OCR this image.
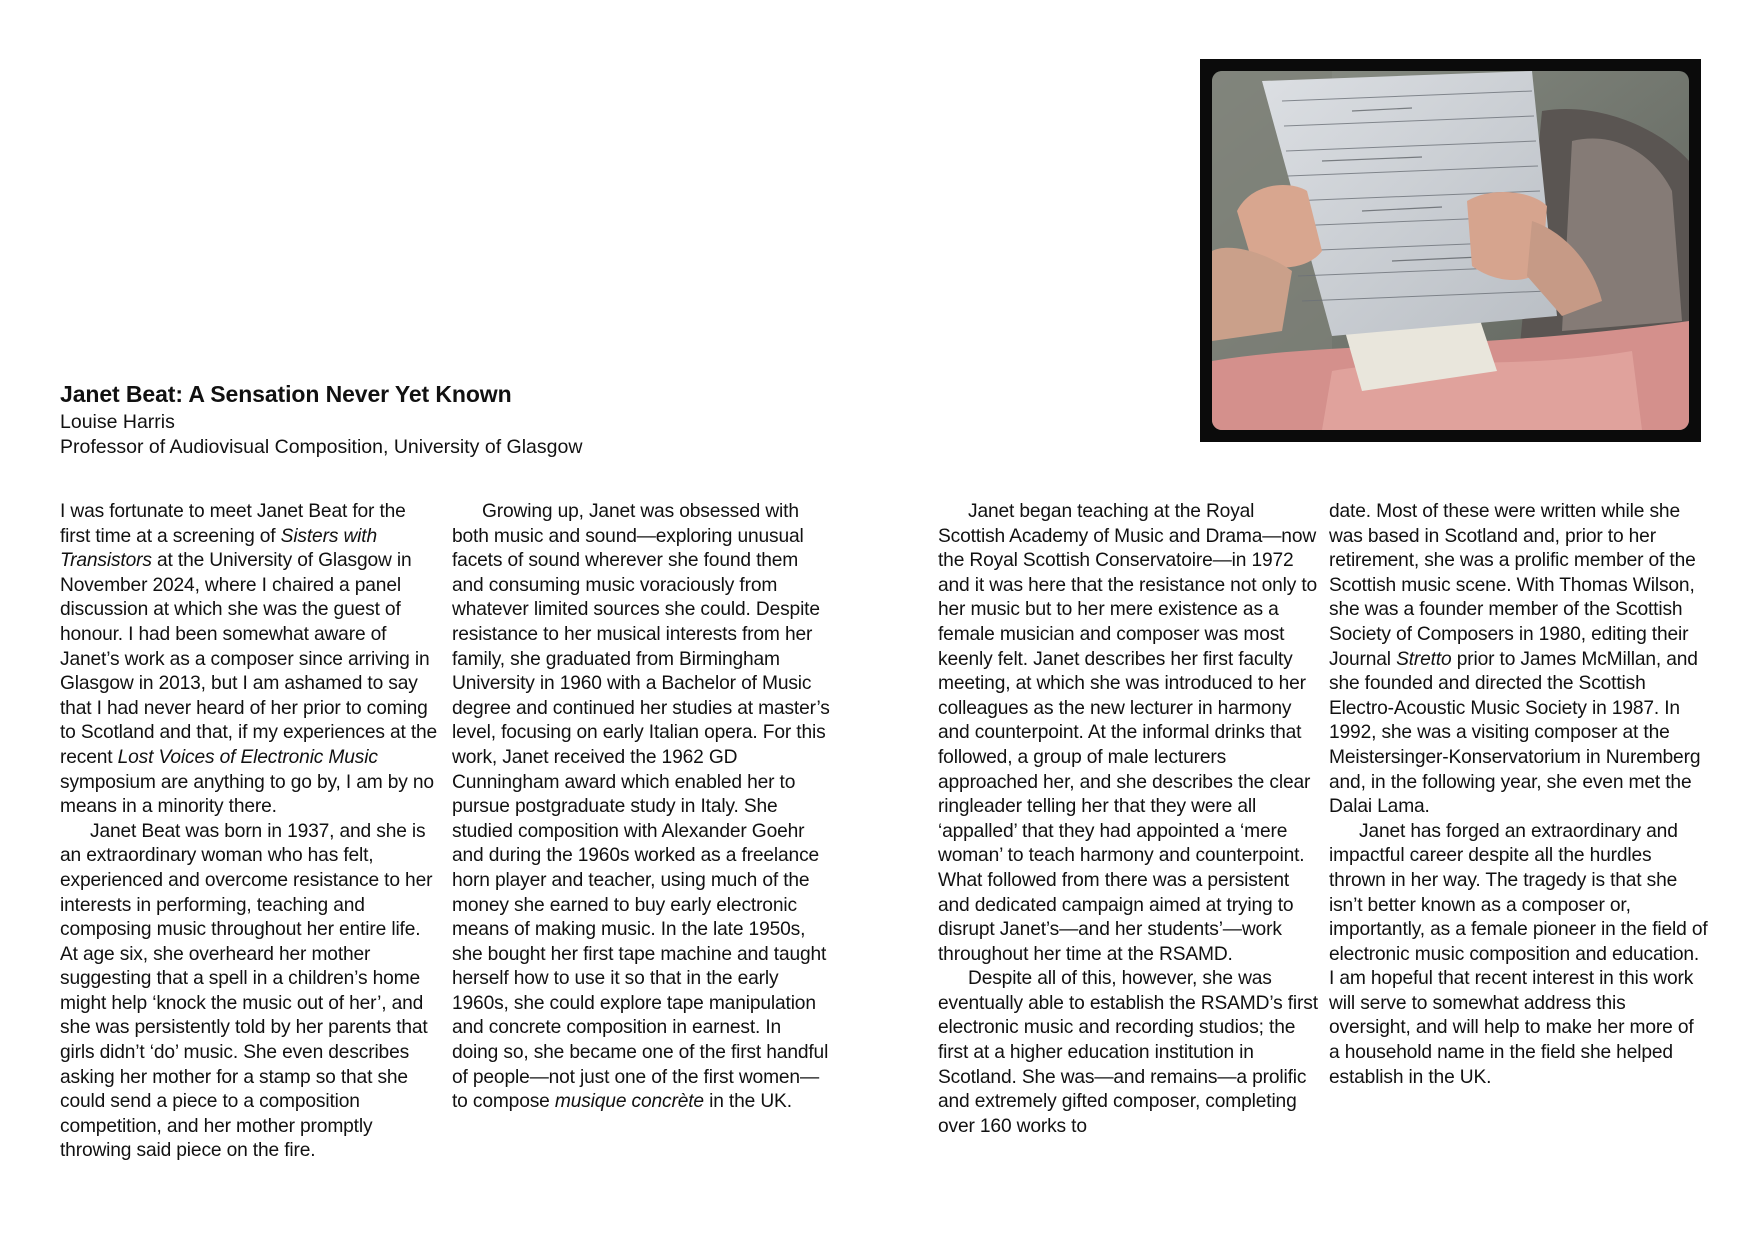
Janet Beat: A Sensation Never Yet Known
Louise Harris
Professor of Audiovisual Composition, University of Glasgow

I was fortunate to meet Janet Beat for the first time at a screening of Sisters with Transistors at the University of Glasgow in November 2024, where I chaired a panel discussion at which she was the guest of honour. I had been somewhat aware of Janet’s work as a composer since arriving in Glasgow in 2013, but I am ashamed to say that I had never heard of her prior to coming to Scotland and that, if my experiences at the recent Lost Voices of Electronic Music symposium are anything to go by, I am by no means in a minority there.

Janet Beat was born in 1937, and she is an extraordinary woman who has felt, experienced and overcome resistance to her interests in performing, teaching and composing music throughout her entire life. At age six, she overheard her mother suggesting that a spell in a children’s home might help ‘knock the music out of her’, and she was persistently told by her parents that girls didn’t ‘do’ music. She even describes asking her mother for a stamp so that she could send a piece to a composition competition, and her mother promptly throwing said piece on the fire.

Growing up, Janet was obsessed with both music and sound—exploring unusual facets of sound wherever she found them and consuming music voraciously from whatever limited sources she could. Despite resistance to her musical interests from her family, she graduated from Birmingham University in 1960 with a Bachelor of Music degree and continued her studies at master’s level, focusing on early Italian opera. For this work, Janet received the 1962 GD Cunningham award which enabled her to pursue postgraduate study in Italy. She studied composition with Alexander Goehr and during the 1960s worked as a freelance horn player and teacher, using much of the money she earned to buy early electronic means of making music. In the late 1950s, she bought her first tape machine and taught herself how to use it so that in the early 1960s, she could explore tape manipulation and concrete composition in earnest. In doing so, she became one of the first handful of people—not just one of the first women—to compose musique concrète in the UK.

Janet began teaching at the Royal Scottish Academy of Music and Drama—now the Royal Scottish Conservatoire—in 1972 and it was here that the resistance not only to her music but to her mere existence as a female musician and composer was most keenly felt. Janet describes her first faculty meeting, at which she was introduced to her colleagues as the new lecturer in harmony and counterpoint. At the informal drinks that followed, a group of male lecturers approached her, and she describes the clear ringleader telling her that they were all ‘appalled’ that they had appointed a ‘mere woman’ to teach harmony and counterpoint. What followed from there was a persistent and dedicated campaign aimed at trying to disrupt Janet’s—and her students’—work throughout her time at the RSAMD.

Despite all of this, however, she was eventually able to establish the RSAMD’s first electronic music and recording studios; the first at a higher education institution in Scotland. She was—and remains—a prolific and extremely gifted composer, completing over 160 works to

date. Most of these were written while she was based in Scotland and, prior to her retirement, she was a prolific member of the Scottish music scene. With Thomas Wilson, she was a founder member of the Scottish Society of Composers in 1980, editing their Journal Stretto prior to James McMillan, and she founded and directed the Scottish Electro-Acoustic Music Society in 1987. In 1992, she was a visiting composer at the Meistersinger-Konservatorium in Nuremberg and, in the following year, she even met the Dalai Lama.

Janet has forged an extraordinary and impactful career despite all the hurdles thrown in her way. The tragedy is that she isn’t better known as a composer or, importantly, as a female pioneer in the field of electronic music composition and education. I am hopeful that recent interest in this work will serve to somewhat address this oversight, and will help to make her more of a household name in the field she helped establish in the UK.
